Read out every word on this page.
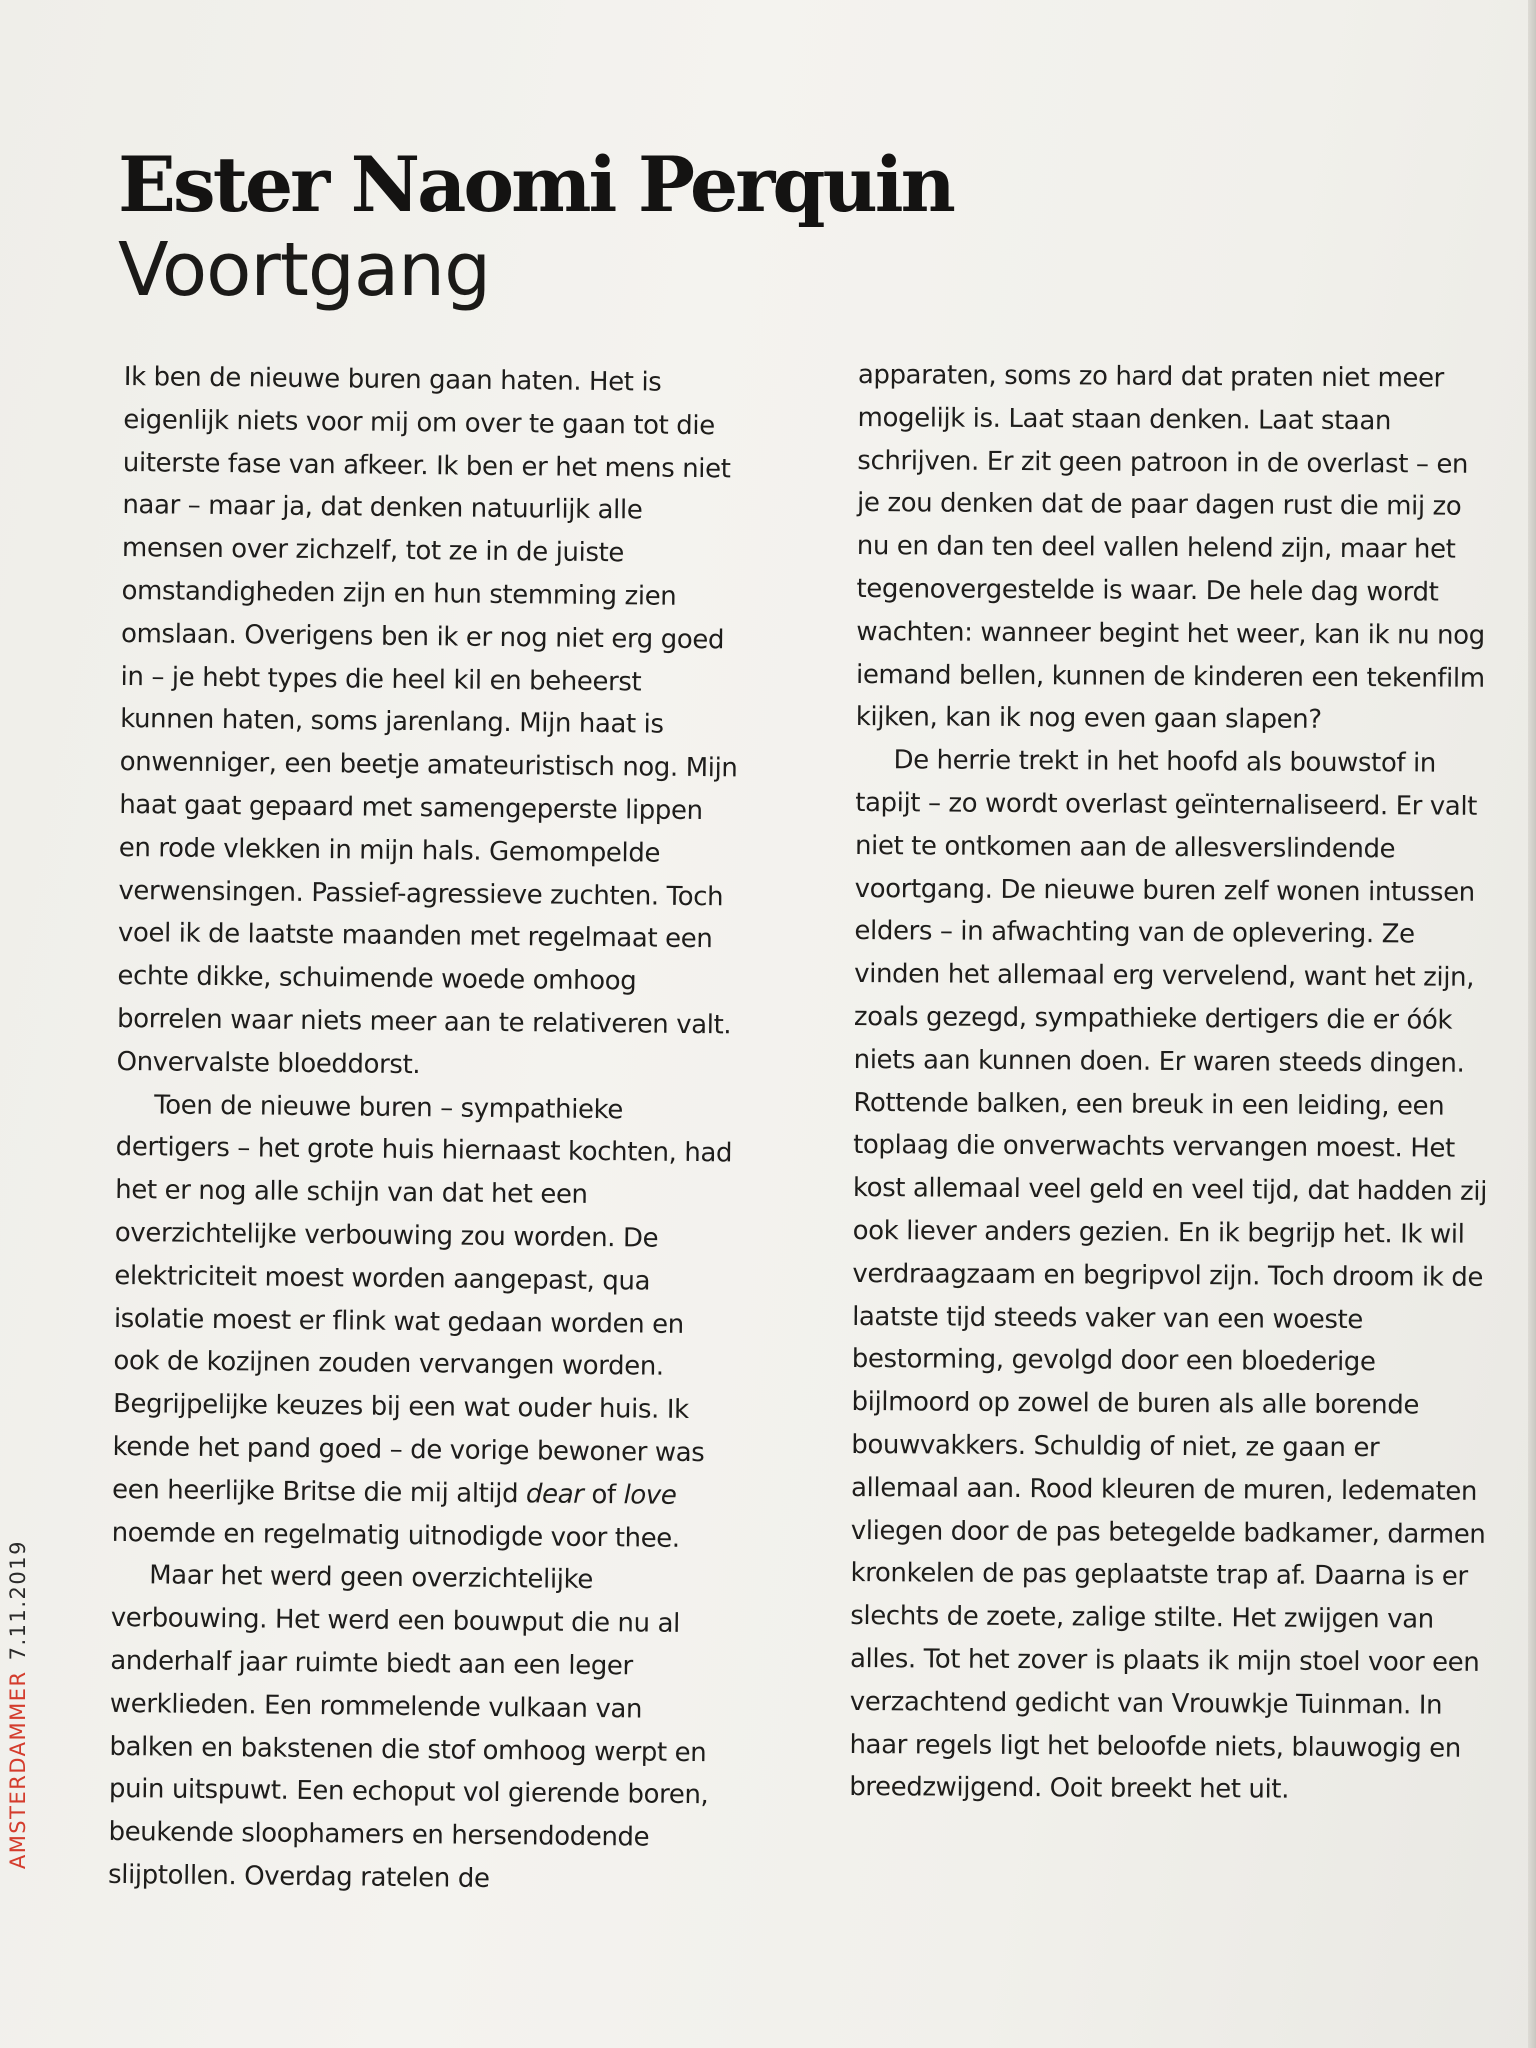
Ester Naomi Perquin
Voortgang

Ik ben de nieuwe buren gaan haten. Het is eigenlijk niets voor mij om over te gaan tot die uiterste fase van afkeer. Ik ben er het mens niet naar – maar ja, dat denken natuurlijk alle mensen over zichzelf, tot ze in de juiste omstandigheden zijn en hun stemming zien omslaan. Overigens ben ik er nog niet erg goed in – je hebt types die heel kil en beheerst kunnen haten, soms jarenlang. Mijn haat is onwenniger, een beetje amateuristisch nog. Mijn haat gaat gepaard met samengeperste lippen en rode vlekken in mijn hals. Gemompelde verwensingen. Passief-agressieve zuchten. Toch voel ik de laatste maanden met regelmaat een echte dikke, schuimende woede omhoog borrelen waar niets meer aan te relativeren valt. Onvervalste bloeddorst.

Toen de nieuwe buren – sympathieke dertigers – het grote huis hiernaast kochten, had het er nog alle schijn van dat het een overzichtelijke verbouwing zou worden. De elektriciteit moest worden aangepast, qua isolatie moest er flink wat gedaan worden en ook de kozijnen zouden vervangen worden. Begrijpelijke keuzes bij een wat ouder huis. Ik kende het pand goed – de vorige bewoner was een heerlijke Britse die mij altijd dear of love noemde en regelmatig uitnodigde voor thee.

Maar het werd geen overzichtelijke verbouwing. Het werd een bouwput die nu al anderhalf jaar ruimte biedt aan een leger werklieden. Een rommelende vulkaan van balken en bakstenen die stof omhoog werpt en puin uitspuwt. Een echoput vol gierende boren, beukende sloophamers en hersendodende slijptollen. Overdag ratelen de

apparaten, soms zo hard dat praten niet meer mogelijk is. Laat staan denken. Laat staan schrijven. Er zit geen patroon in de overlast – en je zou denken dat de paar dagen rust die mij zo nu en dan ten deel vallen helend zijn, maar het tegenovergestelde is waar. De hele dag wordt wachten: wanneer begint het weer, kan ik nu nog iemand bellen, kunnen de kinderen een tekenfilm kijken, kan ik nog even gaan slapen?

De herrie trekt in het hoofd als bouwstof in tapijt – zo wordt overlast geïnternaliseerd. Er valt niet te ontkomen aan de allesverslindende voortgang. De nieuwe buren zelf wonen intussen elders – in afwachting van de oplevering. Ze vinden het allemaal erg vervelend, want het zijn, zoals gezegd, sympathieke dertigers die er óók niets aan kunnen doen. Er waren steeds dingen. Rottende balken, een breuk in een leiding, een toplaag die onverwachts vervangen moest. Het kost allemaal veel geld en veel tijd, dat hadden zij ook liever anders gezien. En ik begrijp het. Ik wil verdraagzaam en begripvol zijn. Toch droom ik de laatste tijd steeds vaker van een woeste bestorming, gevolgd door een bloederige bijlmoord op zowel de buren als alle borende bouwvakkers. Schuldig of niet, ze gaan er allemaal aan. Rood kleuren de muren, ledematen vliegen door de pas betegelde badkamer, darmen kronkelen de pas geplaatste trap af. Daarna is er slechts de zoete, zalige stilte. Het zwijgen van alles. Tot het zover is plaats ik mijn stoel voor een verzachtend gedicht van Vrouwkje Tuinman. In haar regels ligt het beloofde niets, blauwogig en breedzwijgend. Ooit breekt het uit.

AMSTERDAMMER7.11.2019
